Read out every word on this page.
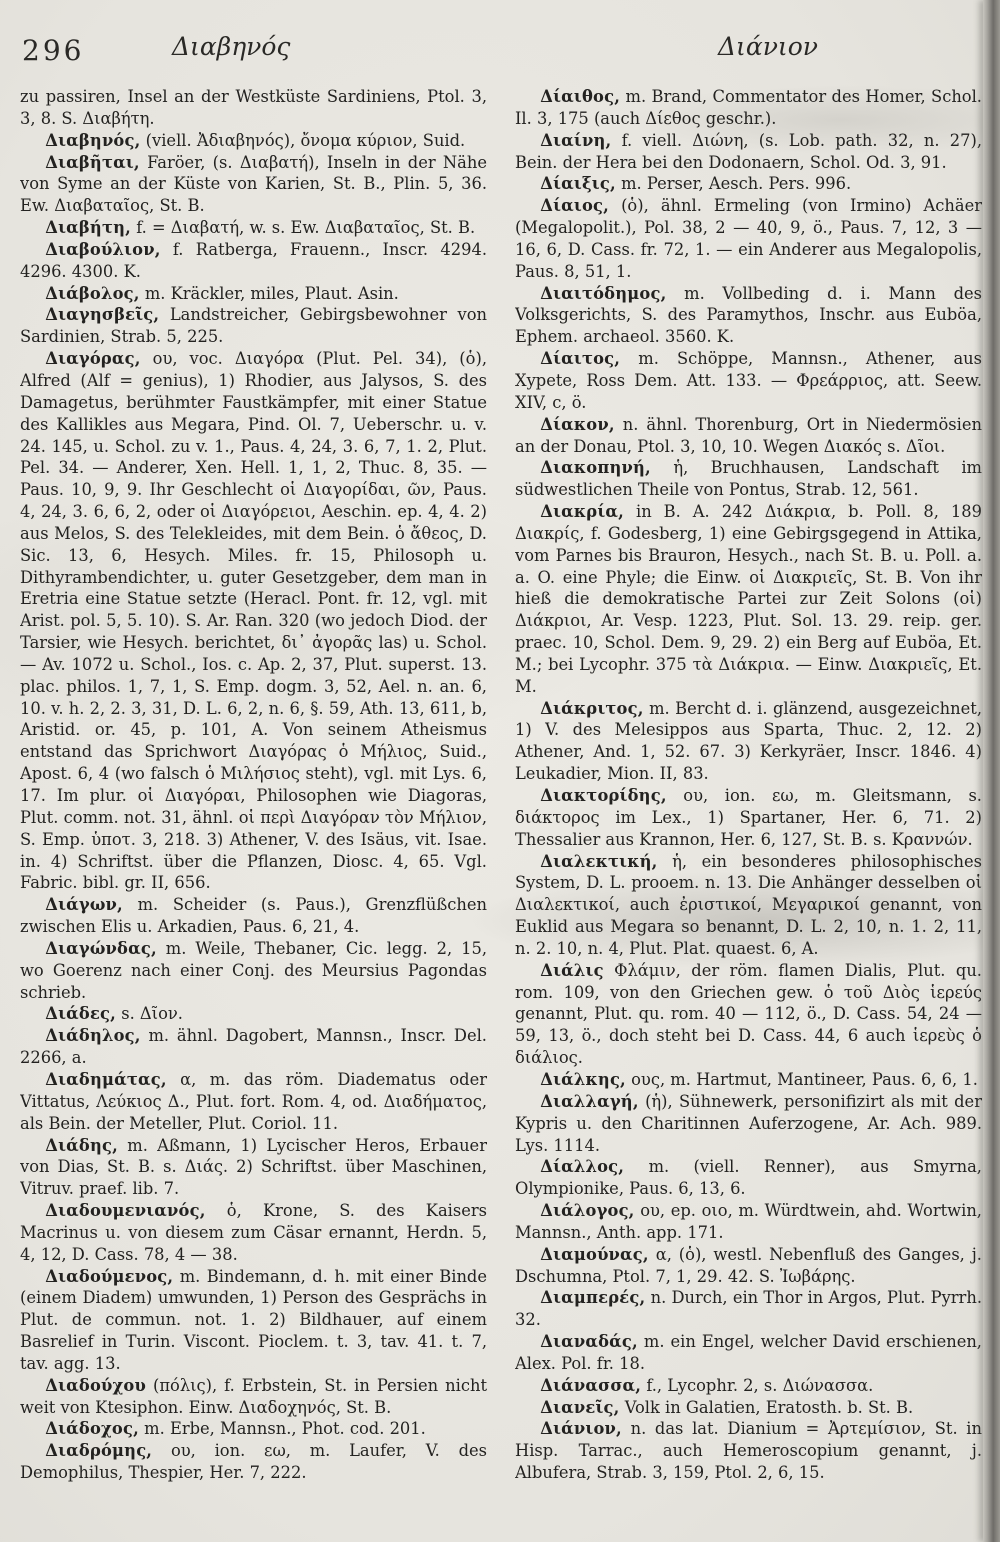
296	Διαβηνός	Διάνιον

zu passiren, Insel an der Westküste Sardiniens, Ptol. 3, 3, 8. S. Διαβήτη.

Διαβηνός, (viell. Ἀδιαβηνός), ὄνομα κύριον, Suid.

Διαβῆται, Faröer, (s. Διαβατή), Inseln in der Nähe von Syme an der Küste von Karien, St. B., Plin. 5, 36. Ew. Διαβαταῖος, St. B.

Διαβήτη, f. = Διαβατή, w. s. Ew. Διαβαταῖος, St. B.

Διαβούλιον, f. Ratberga, Frauenn., Inscr. 4294. 4296. 4300. K.

Διάβολος, m. Kräckler, miles, Plaut. Asin.

Διαγησβεῖς, Landstreicher, Gebirgsbewohner von Sardinien, Strab. 5, 225.

Διαγόρας, ου, voc. Διαγόρα (Plut. Pel. 34), (ὁ), Alfred (Alf = genius), 1) Rhodier, aus Jalysos, S. des Damagetus, berühmter Faustkämpfer, mit einer Statue des Kallikles aus Megara, Pind. Ol. 7, Ueberschr. u. v. 24. 145, u. Schol. zu v. 1., Paus. 4, 24, 3. 6, 7, 1. 2, Plut. Pel. 34. — Anderer, Xen. Hell. 1, 1, 2, Thuc. 8, 35. — Paus. 10, 9, 9. Ihr Geschlecht οἱ Διαγορίδαι, ῶν, Paus. 4, 24, 3. 6, 6, 2, oder οἱ Διαγόρειοι, Aeschin. ep. 4, 4. 2) aus Melos, S. des Telekleides, mit dem Bein. ὁ ἄθεος, D. Sic. 13, 6, Hesych. Miles. fr. 15, Philosoph u. Dithyrambendichter, u. guter Gesetzgeber, dem man in Eretria eine Statue setzte (Heracl. Pont. fr. 12, vgl. mit Arist. pol. 5, 5. 10). S. Ar. Ran. 320 (wo jedoch Diod. der Tarsier, wie Hesych. berichtet, δι᾽ ἀγορᾶς las) u. Schol. — Av. 1072 u. Schol., Ios. c. Ap. 2, 37, Plut. superst. 13. plac. philos. 1, 7, 1, S. Emp. dogm. 3, 52, Ael. n. an. 6, 10. v. h. 2, 2. 3, 31, D. L. 6, 2, n. 6, §. 59, Ath. 13, 611, b, Aristid. or. 45, p. 101, A. Von seinem Atheismus entstand das Sprichwort Διαγόρας ὁ Μήλιος, Suid., Apost. 6, 4 (wo falsch ὁ Μιλήσιος steht), vgl. mit Lys. 6, 17. Im plur. οἱ Διαγόραι, Philosophen wie Diagoras, Plut. comm. not. 31, ähnl. οἱ περὶ Διαγόραν τὸν Μήλιον, S. Emp. ὑποτ. 3, 218. 3) Athener, V. des Isäus, vit. Isae. in. 4) Schriftst. über die Pflanzen, Diosc. 4, 65. Vgl. Fabric. bibl. gr. II, 656.

Διάγων, m. Scheider (s. Paus.), Grenzflüßchen zwischen Elis u. Arkadien, Paus. 6, 21, 4.

Διαγώνδας, m. Weile, Thebaner, Cic. legg. 2, 15, wo Goerenz nach einer Conj. des Meursius Pagondas schrieb.

Διάδες, s. Δῖον.

Διάδηλος, m. ähnl. Dagobert, Mannsn., Inscr. Del. 2266, a.

Διαδημάτας, α, m. das röm. Diadematus oder Vittatus, Λεύκιος Δ., Plut. fort. Rom. 4, od. Διαδήματος, als Bein. der Meteller, Plut. Coriol. 11.

Διάδης, m. Aßmann, 1) Lycischer Heros, Erbauer von Dias, St. B. s. Διάς. 2) Schriftst. über Maschinen, Vitruv. praef. lib. 7.

Διαδουμενιανός, ὁ, Krone, S. des Kaisers Macrinus u. von diesem zum Cäsar ernannt, Herdn. 5, 4, 12, D. Cass. 78, 4 — 38.

Διαδούμενος, m. Bindemann, d. h. mit einer Binde (einem Diadem) umwunden, 1) Person des Gesprächs in Plut. de commun. not. 1. 2) Bildhauer, auf einem Basrelief in Turin. Viscont. Pioclem. t. 3, tav. 41. t. 7, tav. agg. 13.

Διαδούχου (πόλις), f. Erbstein, St. in Persien nicht weit von Ktesiphon. Einw. Διαδοχηνός, St. B.

Διάδοχος, m. Erbe, Mannsn., Phot. cod. 201.

Διαδρόμης, ου, ion. εω, m. Laufer, V. des Demophilus, Thespier, Her. 7, 222.

Δίαιθος, m. Brand, Commentator des Homer, Schol. Il. 3, 175 (auch Δίεθος geschr.).

Διαίνη, f. viell. Διώνη, (s. Lob. path. 32, n. 27), Bein. der Hera bei den Dodonaern, Schol. Od. 3, 91.

Δίαιξις, m. Perser, Aesch. Pers. 996.

Δίαιος, (ὁ), ähnl. Ermeling (von Irmino) Achäer (Megalopolit.), Pol. 38, 2 — 40, 9, ö., Paus. 7, 12, 3 — 16, 6, D. Cass. fr. 72, 1. — ein Anderer aus Megalopolis, Paus. 8, 51, 1.

Διαιτόδημος, m. Vollbeding d. i. Mann des Volksgerichts, S. des Paramythos, Inschr. aus Euböa, Ephem. archaeol. 3560. K.

Δίαιτος, m. Schöppe, Mannsn., Athener, aus Xypete, Ross Dem. Att. 133. — Φρεάρριος, att. Seew. XIV, c, ö.

Δίακον, n. ähnl. Thorenburg, Ort in Niedermösien an der Donau, Ptol. 3, 10, 10. Wegen Διακός s. Δῖοι.

Διακοπηνή, ἡ, Bruchhausen, Landschaft im südwestlichen Theile von Pontus, Strab. 12, 561.

Διακρία, in B. A. 242 Διάκρια, b. Poll. 8, 189 Διακρίς, f. Godesberg, 1) eine Gebirgsgegend in Attika, vom Parnes bis Brauron, Hesych., nach St. B. u. Poll. a. a. O. eine Phyle; die Einw. οἱ Διακριεῖς, St. B. Von ihr hieß die demokratische Partei zur Zeit Solons (οἱ) Διάκριοι, Ar. Vesp. 1223, Plut. Sol. 13. 29. reip. ger. praec. 10, Schol. Dem. 9, 29. 2) ein Berg auf Euböa, Et. M.; bei Lycophr. 375 τὰ Διάκρια. — Einw. Διακριεῖς, Et. M.

Διάκριτος, m. Bercht d. i. glänzend, ausgezeichnet, 1) V. des Melesippos aus Sparta, Thuc. 2, 12. 2) Athener, And. 1, 52. 67. 3) Kerkyräer, Inscr. 1846. 4) Leukadier, Mion. II, 83.

Διακτορίδης, ου, ion. εω, m. Gleitsmann, s. διάκτορος im Lex., 1) Spartaner, Her. 6, 71. 2) Thessalier aus Krannon, Her. 6, 127, St. B. s. Κραννών.

Διαλεκτική, ἡ, ein besonderes philosophisches System, D. L. prooem. n. 13. Die Anhänger desselben οἱ Διαλεκτικοί, auch ἐριστικοί, Μεγαρικοί genannt, von Euklid aus Megara so benannt, D. L. 2, 10, n. 1. 2, 11, n. 2. 10, n. 4, Plut. Plat. quaest. 6, A.

Διάλις Φλάμιν, der röm. flamen Dialis, Plut. qu. rom. 109, von den Griechen gew. ὁ τοῦ Διὸς ἱερεύς genannt, Plut. qu. rom. 40 — 112, ö., D. Cass. 54, 24 — 59, 13, ö., doch steht bei D. Cass. 44, 6 auch ἱερεὺς ὁ διάλιος.

Διάλκης, ους, m. Hartmut, Mantineer, Paus. 6, 6, 1.

Διαλλαγή, (ἡ), Sühnewerk, personifizirt als mit der Kypris u. den Charitinnen Auferzogene, Ar. Ach. 989. Lys. 1114.

Δίαλλος, m. (viell. Renner), aus Smyrna, Olympionike, Paus. 6, 13, 6.

Διάλογος, ου, ep. οιο, m. Würdtwein, ahd. Wortwin, Mannsn., Anth. app. 171.

Διαμούνας, α, (ὁ), westl. Nebenfluß des Ganges, j. Dschumna, Ptol. 7, 1, 29. 42. S. Ἰωβάρης.

Διαμπερές, n. Durch, ein Thor in Argos, Plut. Pyrrh. 32.

Διαναδάς, m. ein Engel, welcher David erschienen, Alex. Pol. fr. 18.

Διάνασσα, f., Lycophr. 2, s. Διώνασσα.

Διανεῖς, Volk in Galatien, Eratosth. b. St. B.

Διάνιον, n. das lat. Dianium = Ἀρτεμίσιον, St. in Hisp. Tarrac., auch Hemeroscopium genannt, j. Albufera, Strab. 3, 159, Ptol. 2, 6, 15.
